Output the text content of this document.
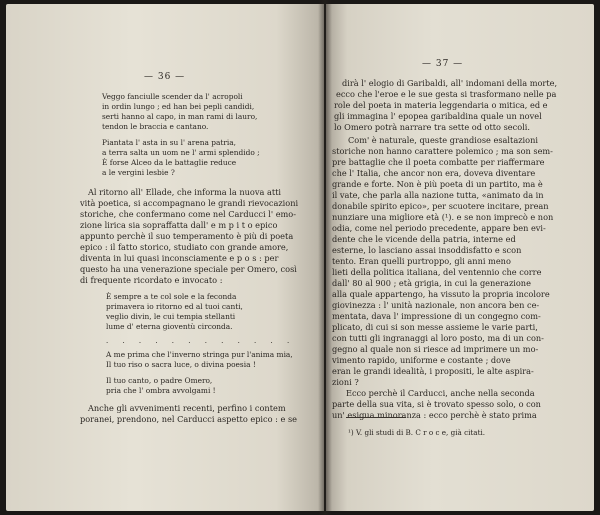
— 36 —
Veggo fanciulle scender da l' acropoli
in ordin lungo ; ed han bei pepli candidi,
serti hanno al capo, in man rami di lauro,
tendon le braccia e cantano.
Piantata l' asta in su l' arena patria,
a terra salta un uom ne l' armi splendido ;
È forse Alceo da le battaglie reduce
a le vergini lesbie ?
Al ritorno all' Ellade, che informa la nuova atti
vità poetica, si accompagnano le grandi rievocazioni
storiche, che confermano come nel Carducci l' emo-
zione lirica sia sopraffatta dall' e m p i t o epico
appunto perchè il suo temperamento è più di poeta
epico : il fatto storico, studiato con grande amore,
diventa in lui quasi inconsciamente e p o s : per
questo ha una venerazione speciale per Omero, così
di frequente ricordato e invocato :
È sempre a te col sole e la feconda
primavera io ritorno ed al tuoi canti,
veglio divin, le cui tempia stellanti
lume d' eterna gioventù circonda.
. . . . . . . . . . . .
A me prima che l'inverno stringa pur l'anima mia,
Il tuo riso o sacra luce, o divina poesia !
Il tuo canto, o padre Omero,
pria che l' ombra avvolgami !
Anche gli avvenimenti recenti, perfino i contem
poranei, prendono, nel Carducci aspetto epico : e se
— 37 —
dirà l' elogio di Garibaldi, all' indomani della morte,
ecco che l'eroe e le sue gesta si trasformano nelle pa
gli immagina l' epopea garibaldina quale un novel
role del poeta in materia leggendaria o mitica, ed e
lo Omero potrà narrare tra sette od otto secoli.
Com' è naturale, queste grandiose esaltazioni
storiche non hanno carattere polemico ; ma son sem-
pre battaglie che il poeta combatte per riaffermare
che l' Italia, che ancor non era, doveva diventare
grande e forte. Non è più poeta di un partito, ma è
il vate, che parla alla nazione tutta, «animato da in
donabile spirito epico», per scuotere incitare, prean
nunziare una migliore età (¹). e se non imprecò e non
odia, come nel periodo precedente, appare ben evi-
dente che le vicende della patria, interne ed
esterne, lo lasciano assai insoddisfatto e scon
tento. Eran quelli purtroppo, gli anni meno
lieti della politica italiana, del ventennio che corre
dall' 80 al 900 ; età grigia, in cui la generazione
alla quale appartengo, ha vissuto la propria incolore
giovinezza : l' unità nazionale, non ancora ben ce-
mentata, dava l' impressione di un congegno com-
plicato, di cui si son messe assieme le varie parti,
con tutti gli ingranaggi al loro posto, ma di un con-
gegno al quale non si riesce ad imprimere un mo-
vimento rapido, uniforme e costante ; dove
eran le grandi idealità, i propositi, le alte aspira-
zioni ?
Ecco perchè il Carducci, anche nella seconda
parte della sua vita, si è trovato spesso solo, o con
un' esigua minoranza : ecco perchè è stato prima
¹) V. gli studi di B. C r o c e, già citati.
